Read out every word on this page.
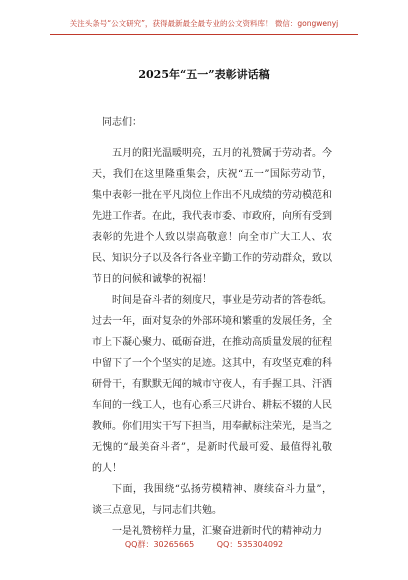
关注头条号“公文研究”，获得最新最全最专业的公文资料库！ 微信：gongwenyj
2025年“五一”表彰讲话稿

同志们：

五月的阳光温暖明亮，五月的礼赞属于劳动者。今天，我们在这里隆重集会，庆祝“五一”国际劳动节，集中表彰一批在平凡岗位上作出不凡成绩的劳动模范和先进工作者。在此，我代表市委、市政府，向所有受到表彰的先进个人致以崇高敬意！向全市广大工人、农民、知识分子以及各行各业辛勤工作的劳动群众，致以节日的问候和诚挚的祝福！

时间是奋斗者的刻度尺，事业是劳动者的答卷纸。过去一年，面对复杂的外部环境和繁重的发展任务，全市上下凝心聚力、砥砺奋进，在推动高质量发展的征程中留下了一个个坚实的足迹。这其中，有攻坚克难的科研骨干，有默默无闻的城市守夜人，有手握工具、汗洒车间的一线工人，也有心系三尺讲台、耕耘不辍的人民教师。你们用实干写下担当，用奉献标注荣光，是当之无愧的“最美奋斗者”，是新时代最可爱、最值得礼敬的人！

下面，我围绕“弘扬劳模精神、赓续奋斗力量”，谈三点意见，与同志们共勉。

一是礼赞榜样力量，汇聚奋进新时代的精神动力

QQ群：30265665	QQ：535304092
